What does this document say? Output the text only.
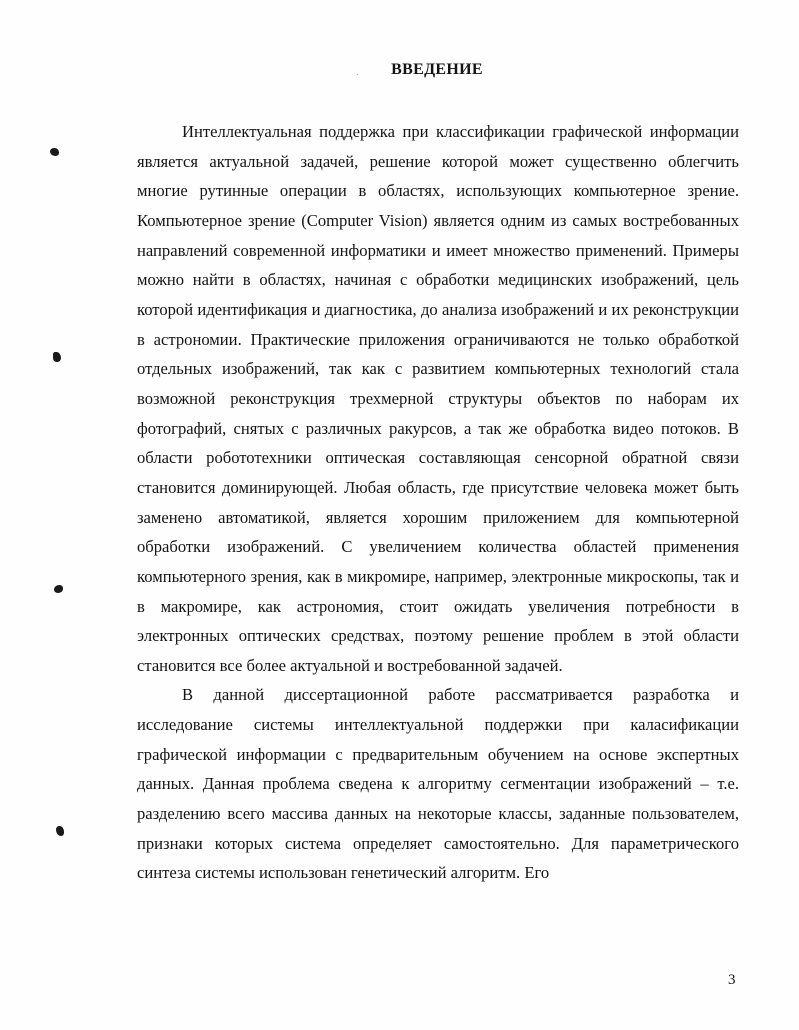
ВВЕДЕНИЕ

Интеллектуальная поддержка при классификации графической информации является актуальной задачей, решение которой может существенно облегчить многие рутинные операции в областях, использующих компьютерное зрение. Компьютерное зрение (Computer Vision) является одним из самых востребованных направлений современной информатики и имеет множество применений. Примеры можно найти в областях, начиная с обработки медицинских изображений, цель которой идентификация и диагностика, до анализа изображений и их реконструкции в астрономии. Практические приложения ограничиваются не только обработкой отдельных изображений, так как с развитием компьютерных технологий стала возможной реконструкция трехмерной структуры объектов по наборам их фотографий, снятых с различных ракурсов, а так же обработка видео потоков. В области робототехники оптическая составляющая сенсорной обратной связи становится доминирующей. Любая область, где присутствие человека может быть заменено автоматикой, является хорошим приложением для компьютерной обработки изображений. С увеличением количества областей применения компьютерного зрения, как в микромире, например, электронные микроскопы, так и в макромире, как астрономия, стоит ожидать увеличения потребности в электронных оптических средствах, поэтому решение проблем в этой области становится все более актуальной и востребованной задачей.

В данной диссертационной работе рассматривается разработка и исследование системы интеллектуальной поддержки при каласификации графической информации с предварительным обучением на основе экспертных данных. Данная проблема сведена к алгоритму сегментации изображений – т.е. разделению всего массива данных на некоторые классы, заданные пользователем, признаки которых система определяет самостоятельно. Для параметрического синтеза системы использован генетический алгоритм. Его

3
